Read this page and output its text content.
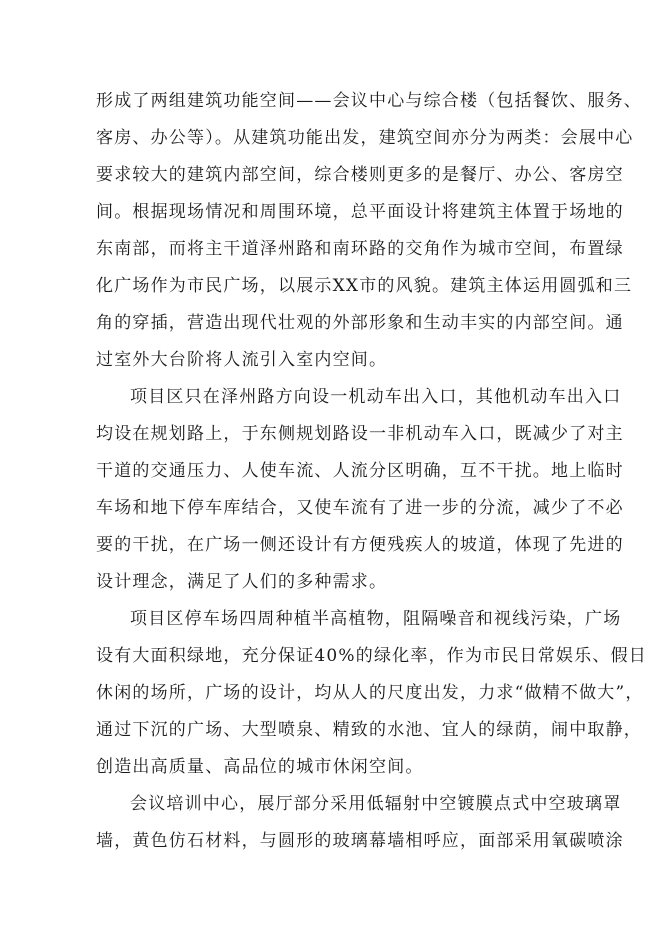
形成了两组建筑功能空间——会议中心与综合楼（包括餐饮、服务、
客房、办公等）。从建筑功能出发，建筑空间亦分为两类：会展中心
要求较大的建筑内部空间，综合楼则更多的是餐厅、办公、客房空
间。根据现场情况和周围环境，总平面设计将建筑主体置于场地的
东南部，而将主干道泽州路和南环路的交角作为城市空间，布置绿
化广场作为市民广场，以展示XX市的风貌。建筑主体运用圆弧和三
角的穿插，营造出现代壮观的外部形象和生动丰实的内部空间。通
过室外大台阶将人流引入室内空间。
项目区只在泽州路方向设一机动车出入口，其他机动车出入口
均设在规划路上，于东侧规划路设一非机动车入口，既减少了对主
干道的交通压力、人使车流、人流分区明确，互不干扰。地上临时
车场和地下停车库结合，又使车流有了进一步的分流，减少了不必
要的干扰，在广场一侧还设计有方便残疾人的坡道，体现了先进的
设计理念，满足了人们的多种需求。
项目区停车场四周种植半高植物，阻隔噪音和视线污染，广场
设有大面积绿地，充分保证40%的绿化率，作为市民日常娱乐、假日
休闲的场所，广场的设计，均从人的尺度出发，力求“做精不做大”，
通过下沉的广场、大型喷泉、精致的水池、宜人的绿荫，闹中取静，
创造出高质量、高品位的城市休闲空间。
会议培训中心，展厅部分采用低辐射中空镀膜点式中空玻璃罩
墙，黄色仿石材料，与圆形的玻璃幕墙相呼应，面部采用氧碳喷涂
